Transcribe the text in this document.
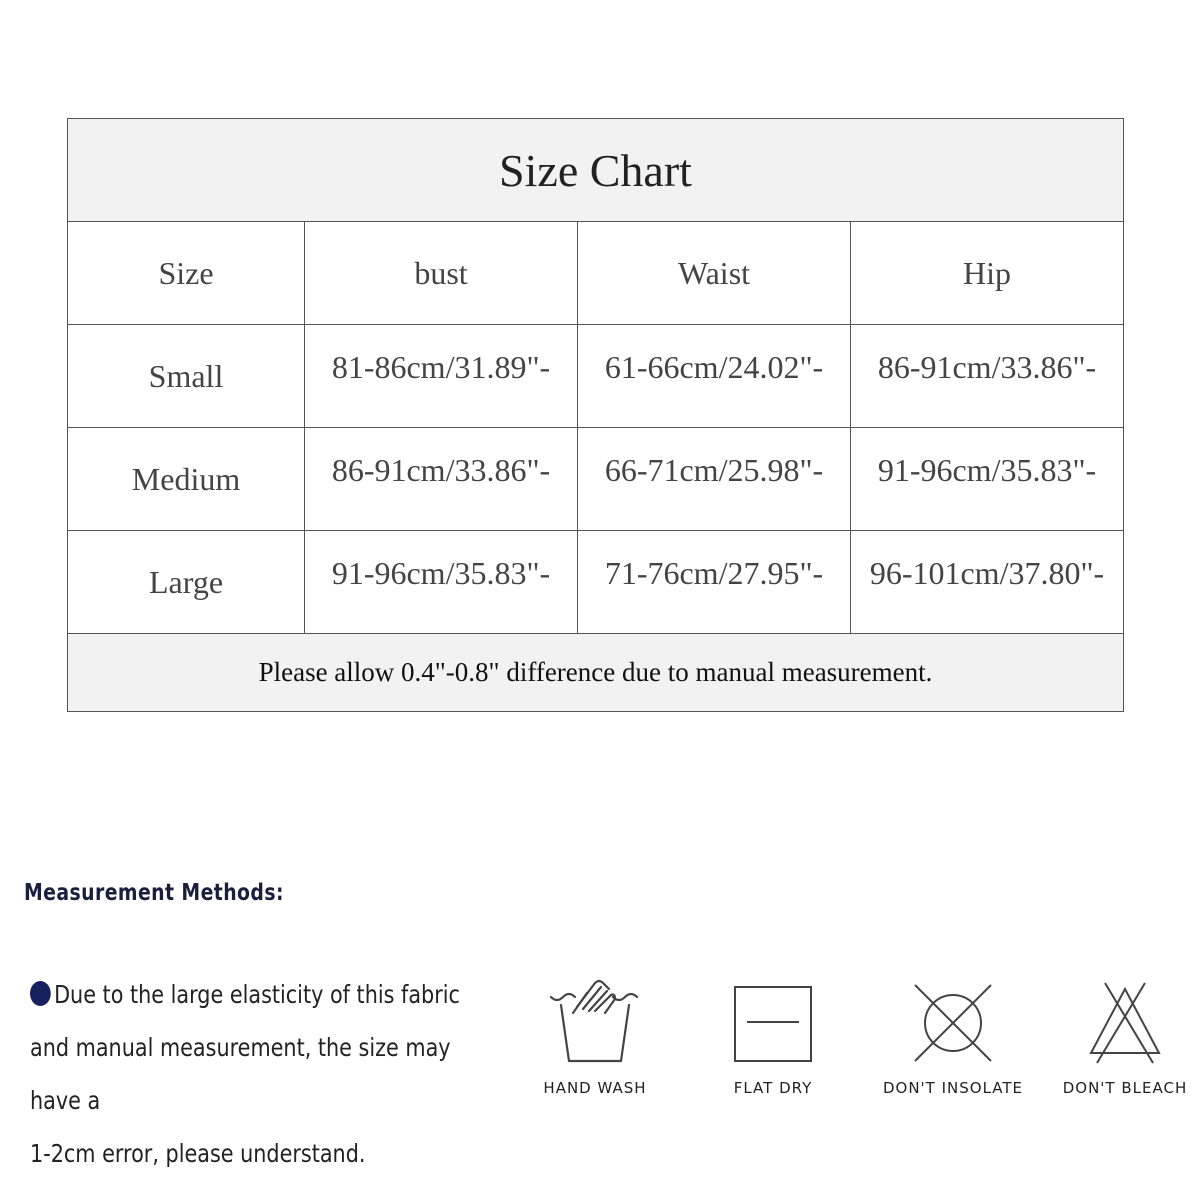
Size Chart
Size	bust	Waist	Hip
Small	81-86cm/31.89"-	61-66cm/24.02"-	86-91cm/33.86"-
Medium	86-91cm/33.86"-	66-71cm/25.98"-	91-96cm/35.83"-
Large	91-96cm/35.83"-	71-76cm/27.95"-	96-101cm/37.80"-
Please allow 0.4"-0.8" difference due to manual measurement.
Measurement Methods:
Due to the large elasticity of this fabric
and manual measurement, the size may have a
1-2cm error, please understand.
HAND WASH	FLAT DRY	DON'T INSOLATE	DON'T BLEACH
